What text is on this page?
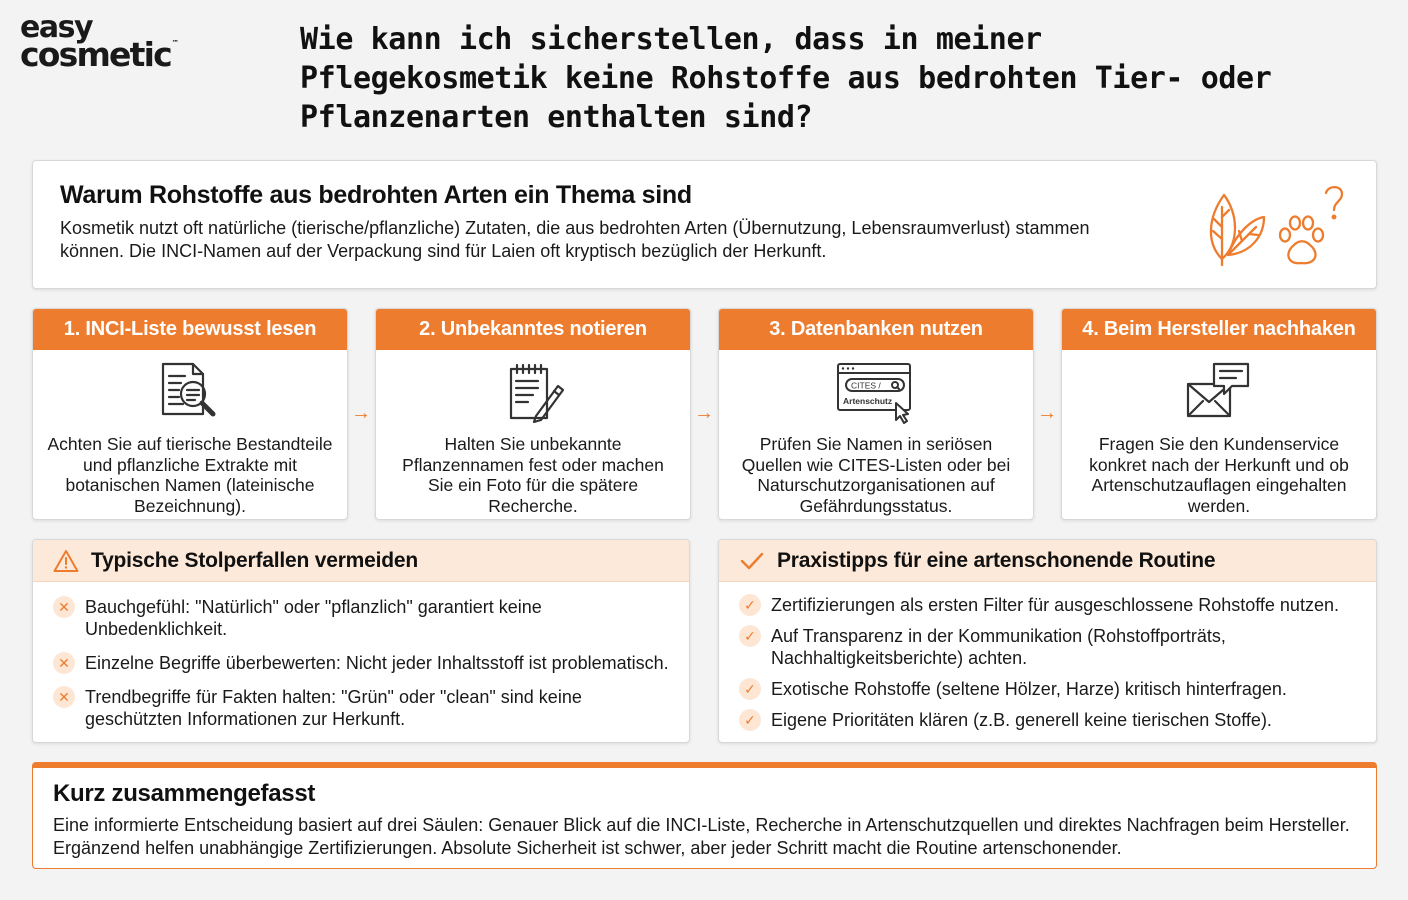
easy
cosmetic™	Wie kann ich sicherstellen, dass in meiner Pflegekosmetik keine Rohstoffe aus bedrohten Tier- oder Pflanzenarten enthalten sind?
Warum Rohstoffe aus bedrohten Arten ein Thema sind

Kosmetik nutzt oft natürliche (tierische/pflanzliche) Zutaten, die aus bedrohten Arten (Übernutzung, Lebensraumverlust) stammen können. Die INCI-Namen auf der Verpackung sind für Laien oft kryptisch bezüglich der Herkunft.

1. INCI-Liste bewusst lesen

Achten Sie auf tierische Bestandteile und pflanzliche Extrakte mit botanischen Namen (lateinische Bezeichnung).

→
2. Unbekanntes notieren

Halten Sie unbekannte Pflanzennamen fest oder machen Sie ein Foto für die spätere Recherche.

→
3. Datenbanken nutzen
CITES /
Artenschutz

Prüfen Sie Namen in seriösen Quellen wie CITES-Listen oder bei Naturschutzorganisationen auf Gefährdungsstatus.

→
4. Beim Hersteller nachhaken

Fragen Sie den Kundenservice konkret nach der Herkunft und ob Artenschutzauflagen eingehalten werden.

Typische Stolperfallen vermeiden
✕ Bauchgefühl: "Natürlich" oder "pflanzlich" garantiert keine Unbedenklichkeit.
✕ Einzelne Begriffe überbewerten: Nicht jeder Inhaltsstoff ist problematisch.
✕ Trendbegriffe für Fakten halten: "Grün" oder "clean" sind keine geschützten Informationen zur Herkunft.
Praxistipps für eine artenschonende Routine
✓ Zertifizierungen als ersten Filter für ausgeschlossene Rohstoffe nutzen.
✓ Auf Transparenz in der Kommunikation (Rohstoffporträts, Nachhaltigkeitsberichte) achten.
✓ Exotische Rohstoffe (seltene Hölzer, Harze) kritisch hinterfragen.
✓ Eigene Prioritäten klären (z.B. generell keine tierischen Stoffe).
Kurz zusammengefasst

Eine informierte Entscheidung basiert auf drei Säulen: Genauer Blick auf die INCI-Liste, Recherche in Artenschutzquellen und direktes Nachfragen beim Hersteller. Ergänzend helfen unabhängige Zertifizierungen. Absolute Sicherheit ist schwer, aber jeder Schritt macht die Routine artenschonender.
